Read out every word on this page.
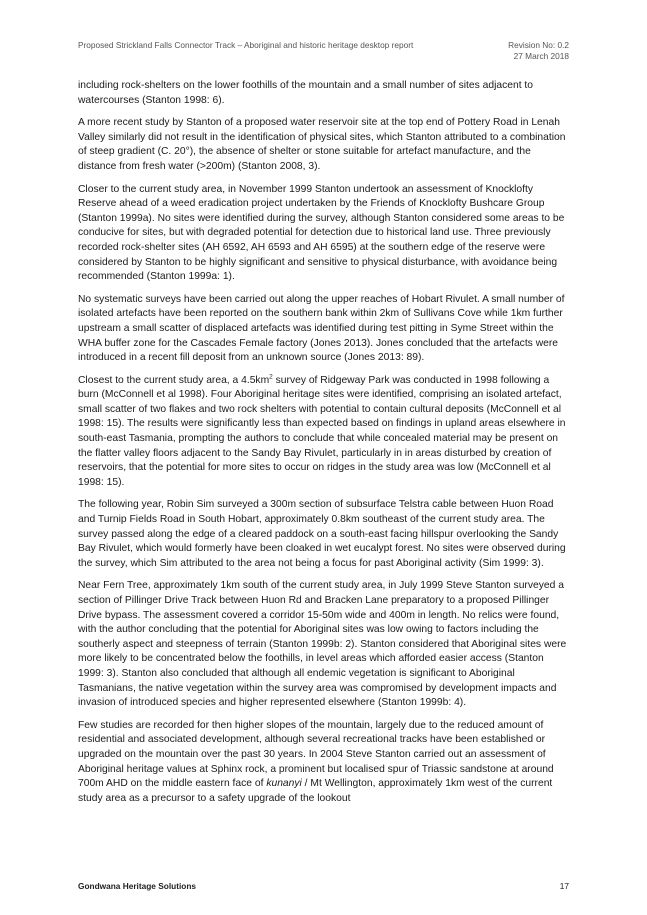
Proposed Strickland Falls Connector Track – Aboriginal and historic heritage desktop report	Revision No: 0.2
27 March 2018

including rock-shelters on the lower foothills of the mountain and a small number of sites adjacent to watercourses (Stanton 1998: 6).

A more recent study by Stanton of a proposed water reservoir site at the top end of Pottery Road in Lenah Valley similarly did not result in the identification of physical sites, which Stanton attributed to a combination of steep gradient (C. 20°), the absence of shelter or stone suitable for artefact manufacture, and the distance from fresh water (>200m) (Stanton 2008, 3).

Closer to the current study area, in November 1999 Stanton undertook an assessment of Knocklofty Reserve ahead of a weed eradication project undertaken by the Friends of Knocklofty Bushcare Group (Stanton 1999a). No sites were identified during the survey, although Stanton considered some areas to be conducive for sites, but with degraded potential for detection due to historical land use. Three previously recorded rock-shelter sites (AH 6592, AH 6593 and AH 6595) at the southern edge of the reserve were considered by Stanton to be highly significant and sensitive to physical disturbance, with avoidance being recommended (Stanton 1999a: 1).

No systematic surveys have been carried out along the upper reaches of Hobart Rivulet. A small number of isolated artefacts have been reported on the southern bank within 2km of Sullivans Cove while 1km further upstream a small scatter of displaced artefacts was identified during test pitting in Syme Street within the WHA buffer zone for the Cascades Female factory (Jones 2013). Jones concluded that the artefacts were introduced in a recent fill deposit from an unknown source (Jones 2013: 89).

Closest to the current study area, a $4.5km^2$ survey of Ridgeway Park was conducted in 1998 following a burn (McConnell et al 1998). Four Aboriginal heritage sites were identified, comprising an isolated artefact, small scatter of two flakes and two rock shelters with potential to contain cultural deposits (McConnell et al 1998: 15). The results were significantly less than expected based on findings in upland areas elsewhere in south-east Tasmania, prompting the authors to conclude that while concealed material may be present on the flatter valley floors adjacent to the Sandy Bay Rivulet, particularly in in areas disturbed by creation of reservoirs, that the potential for more sites to occur on ridges in the study area was low (McConnell et al 1998: 15).

The following year, Robin Sim surveyed a 300m section of subsurface Telstra cable between Huon Road and Turnip Fields Road in South Hobart, approximately 0.8km southeast of the current study area. The survey passed along the edge of a cleared paddock on a south-east facing hillspur overlooking the Sandy Bay Rivulet, which would formerly have been cloaked in wet eucalypt forest. No sites were observed during the survey, which Sim attributed to the area not being a focus for past Aboriginal activity (Sim 1999: 3).

Near Fern Tree, approximately 1km south of the current study area, in July 1999 Steve Stanton surveyed a section of Pillinger Drive Track between Huon Rd and Bracken Lane preparatory to a proposed Pillinger Drive bypass. The assessment covered a corridor 15-50m wide and 400m in length. No relics were found, with the author concluding that the potential for Aboriginal sites was low owing to factors including the southerly aspect and steepness of terrain (Stanton 1999b: 2). Stanton considered that Aboriginal sites were more likely to be concentrated below the foothills, in level areas which afforded easier access (Stanton 1999: 3). Stanton also concluded that although all endemic vegetation is significant to Aboriginal Tasmanians, the native vegetation within the survey area was compromised by development impacts and invasion of introduced species and higher represented elsewhere (Stanton 1999b: 4).

Few studies are recorded for then higher slopes of the mountain, largely due to the reduced amount of residential and associated development, although several recreational tracks have been established or upgraded on the mountain over the past 30 years. In 2004 Steve Stanton carried out an assessment of Aboriginal heritage values at Sphinx rock, a prominent but localised spur of Triassic sandstone at around 700m AHD on the middle eastern face of kunanyi / Mt Wellington, approximately 1km west of the current study area as a precursor to a safety upgrade of the lookout

Gondwana Heritage Solutions	17
